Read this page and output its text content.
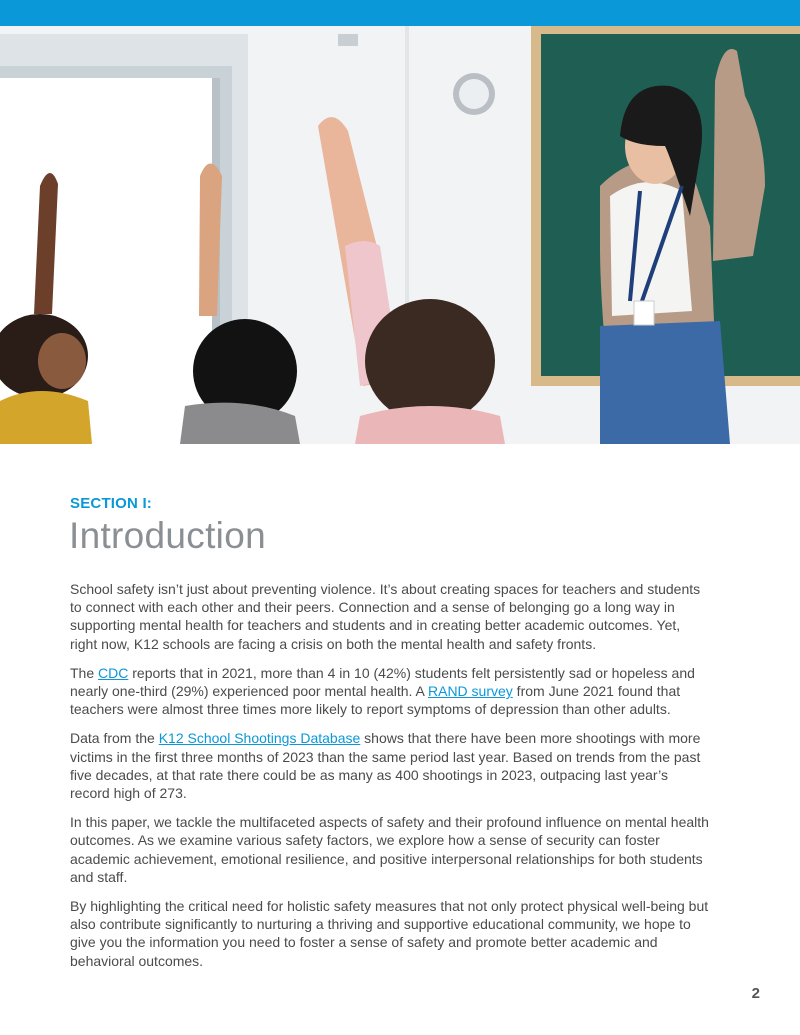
SECTION I:
Introduction

School safety isn’t just about preventing violence. It’s about creating spaces for teachers and students to connect with each other and their peers. Connection and a sense of belonging go a long way in supporting mental health for teachers and students and in creating better academic outcomes. Yet, right now, K12 schools are facing a crisis on both the mental health and safety fronts.

The CDC reports that in 2021, more than 4 in 10 (42%) students felt persistently sad or hopeless and nearly one-third (29%) experienced poor mental health. A RAND survey from June 2021 found that teachers were almost three times more likely to report symptoms of depression than other adults.

Data from the K12 School Shootings Database shows that there have been more shootings with more victims in the first three months of 2023 than the same period last year. Based on trends from the past five decades, at that rate there could be as many as 400 shootings in 2023, outpacing last year’s record high of 273.

In this paper, we tackle the multifaceted aspects of safety and their profound influence on mental health outcomes. As we examine various safety factors, we explore how a sense of security can foster academic achievement, emotional resilience, and positive interpersonal relationships for both students and staff.

By highlighting the critical need for holistic safety measures that not only protect physical well-being but also contribute significantly to nurturing a thriving and supportive educational community, we hope to give you the information you need to foster a sense of safety and promote better academic and behavioral outcomes.

2
